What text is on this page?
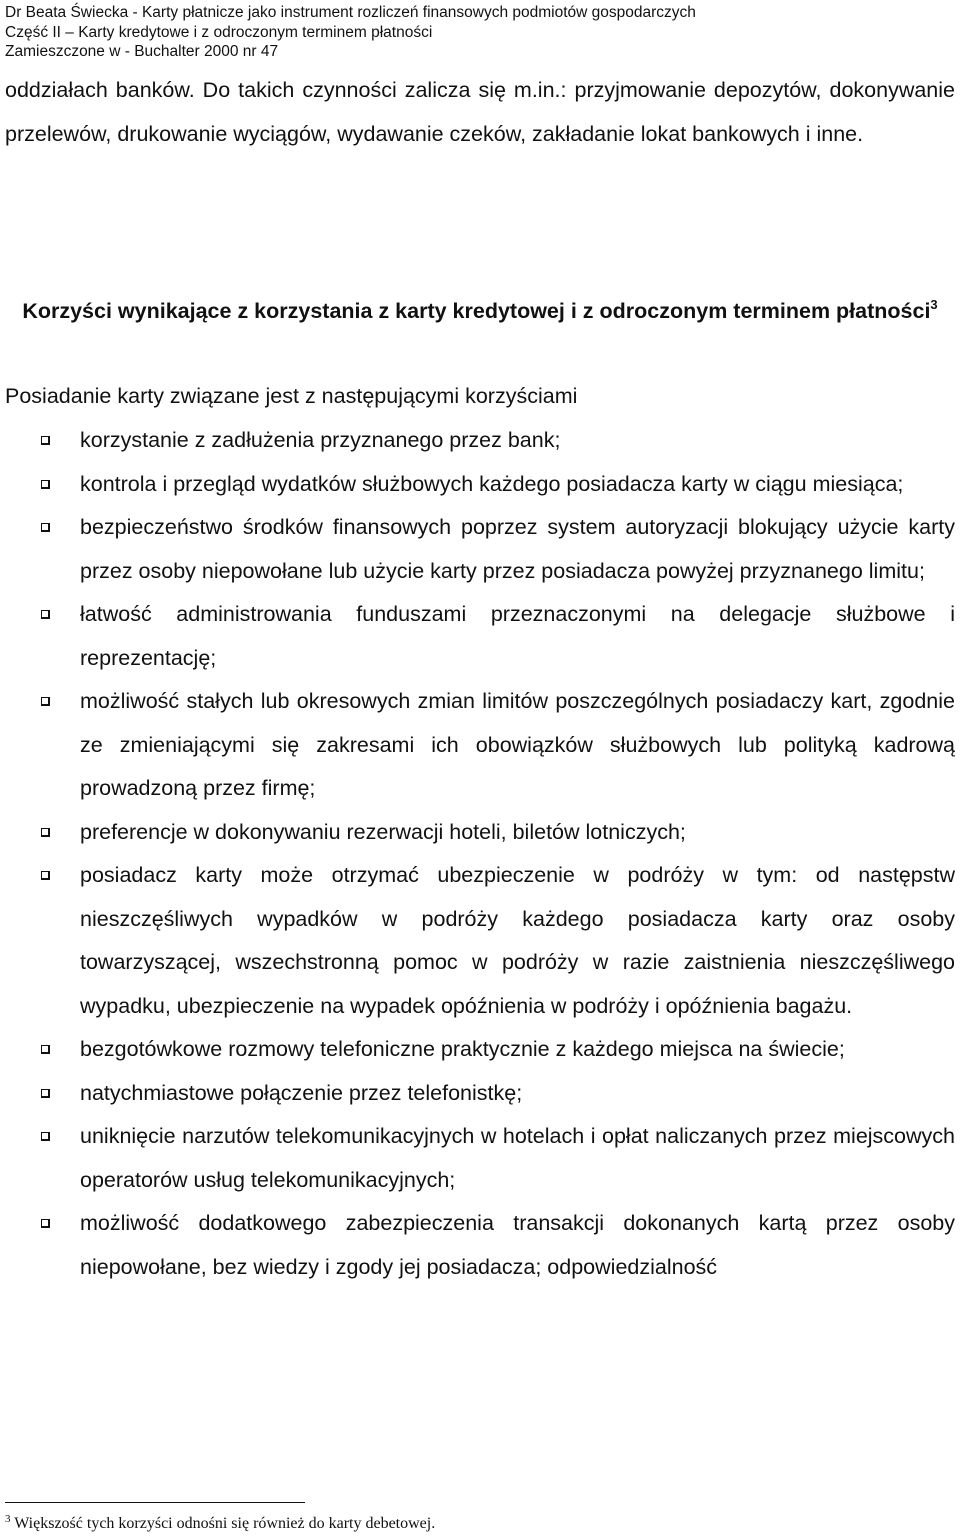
Dr Beata Świecka - Karty płatnicze jako instrument rozliczeń finansowych podmiotów gospodarczych
Część II – Karty kredytowe i z odroczonym terminem płatności
Zamieszczone w - Buchalter 2000 nr 47

oddziałach banków. Do takich czynności zalicza się m.in.: przyjmowanie depozytów, dokonywanie przelewów, drukowanie wyciągów, wydawanie czeków, zakładanie lokat bankowych i inne.

Korzyści wynikające z korzystania z karty kredytowej i z odroczonym terminem płatności$^3$

Posiadanie karty związane jest z następującymi korzyściami

korzystanie z zadłużenia przyznanego przez bank;
kontrola i przegląd wydatków służbowych każdego posiadacza karty w ciągu miesiąca;
bezpieczeństwo środków finansowych poprzez system autoryzacji blokujący użycie karty przez osoby niepowołane lub użycie karty przez posiadacza powyżej przyznanego limitu;
łatwość administrowania funduszami przeznaczonymi na delegacje służbowe i reprezentację;
możliwość stałych lub okresowych zmian limitów poszczególnych posiadaczy kart, zgodnie ze zmieniającymi się zakresami ich obowiązków służbowych lub polityką kadrową prowadzoną przez firmę;
preferencje w dokonywaniu rezerwacji hoteli, biletów lotniczych;
posiadacz karty może otrzymać ubezpieczenie w podróży w tym: od następstw nieszczęśliwych wypadków w podróży każdego posiadacza karty oraz osoby towarzyszącej, wszechstronną pomoc w podróży w razie zaistnienia nieszczęśliwego wypadku, ubezpieczenie na wypadek opóźnienia w podróży i opóźnienia bagażu.
bezgotówkowe rozmowy telefoniczne praktycznie z każdego miejsca na świecie;
natychmiastowe połączenie przez telefonistkę;
uniknięcie narzutów telekomunikacyjnych w hotelach i opłat naliczanych przez miejscowych operatorów usług telekomunikacyjnych;
możliwość dodatkowego zabezpieczenia transakcji dokonanych kartą przez osoby niepowołane, bez wiedzy i zgody jej posiadacza; odpowiedzialność
$^3$ Większość tych korzyści odnośni się również do karty debetowej.
